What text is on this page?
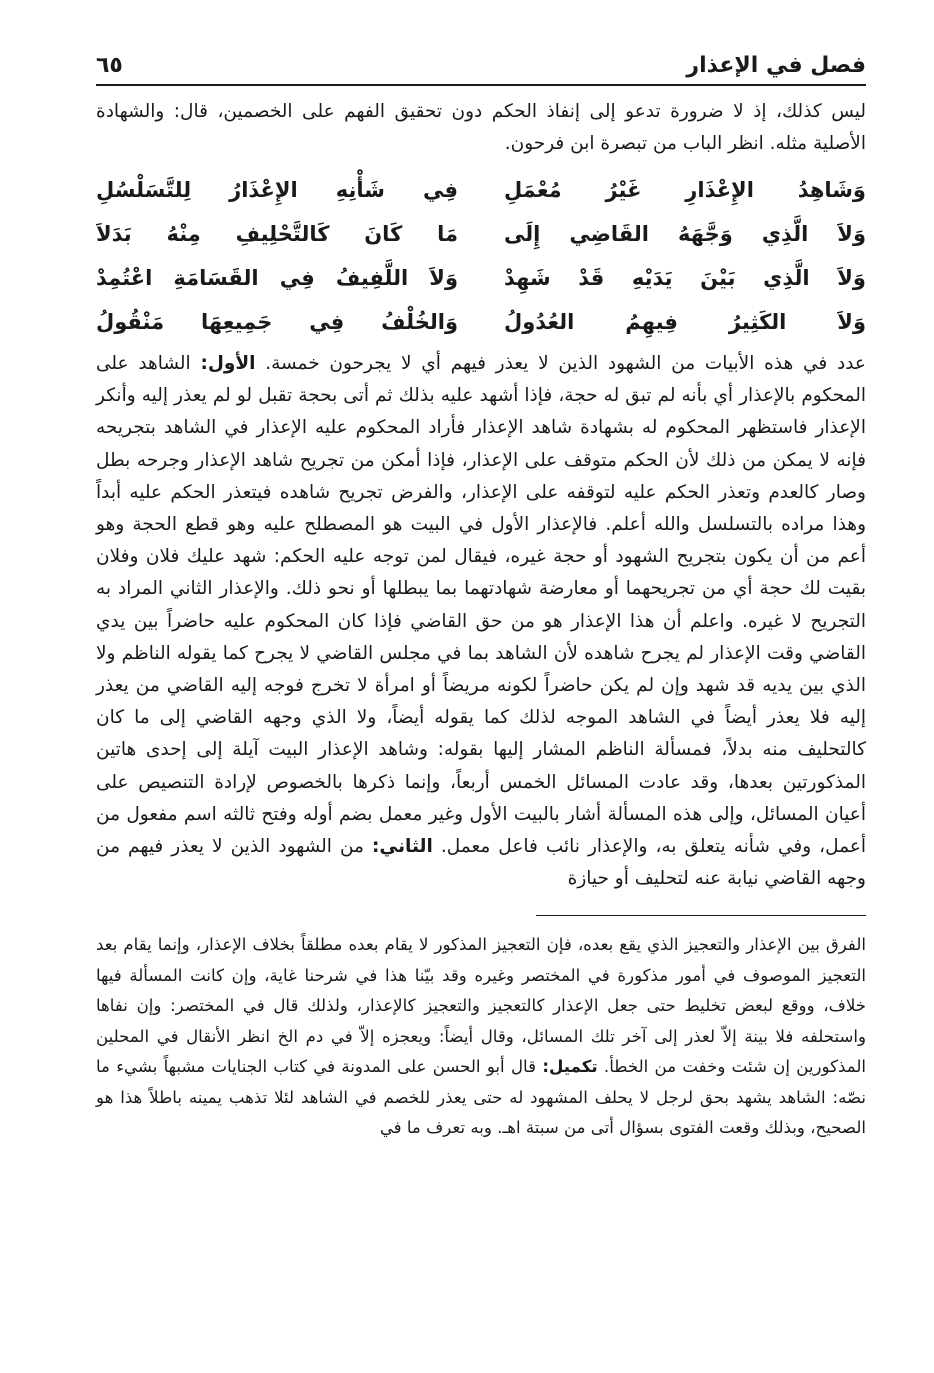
فصل في الإعذار
٦٥
ليس كذلك، إذ لا ضرورة تدعو إلى إنفاذ الحكم دون تحقيق الفهم على الخصمين، قال: والشهادة الأصلية مثله. انظر الباب من تبصرة ابن فرحون.
وَشَاهِدُ الإِعْذَارِ غَيْرُ مُعْمَلِ
فِي شَأْنِهِ الإِعْذَارُ لِلتَّسَلْسُلِ
وَلاَ الَّذِي وَجَّهَهُ القَاضِي إِلَى
مَا كَانَ كَالتَّحْلِيفِ مِنْهُ بَدَلاَ
وَلاَ الَّذِي بَيْنَ يَدَيْهِ قَدْ شَهِدْ
وَلاَ اللَّفِيفُ فِي القَسَامَةِ اعْتُمِدْ
وَلاَ الكَثِيرُ فِيهِمُ العُدُولُ
وَالخُلْفُ فِي جَمِيعِهَا مَنْقُولُ

عدد في هذه الأبيات من الشهود الذين لا يعذر فيهم أي لا يجرحون خمسة. الأول: الشاهد على المحكوم بالإعذار أي بأنه لم تبق له حجة، فإذا أشهد عليه بذلك ثم أتى بحجة تقبل لو لم يعذر إليه وأنكر الإعذار فاستظهر المحكوم له بشهادة شاهد الإعذار فأراد المحكوم عليه الإعذار في الشاهد بتجريحه فإنه لا يمكن من ذلك لأن الحكم متوقف على الإعذار، فإذا أمكن من تجريح شاهد الإعذار وجرحه بطل وصار كالعدم وتعذر الحكم عليه لتوقفه على الإعذار، والفرض تجريح شاهده فيتعذر الحكم عليه أبداً وهذا مراده بالتسلسل والله أعلم. فالإعذار الأول في البيت هو المصطلح عليه وهو قطع الحجة وهو أعم من أن يكون بتجريح الشهود أو حجة غيره، فيقال لمن توجه عليه الحكم: شهد عليك فلان وفلان بقيت لك حجة أي من تجريحهما أو معارضة شهادتهما بما يبطلها أو نحو ذلك. والإعذار الثاني المراد به التجريح لا غيره. واعلم أن هذا الإعذار هو من حق القاضي فإذا كان المحكوم عليه حاضراً بين يدي القاضي وقت الإعذار لم يجرح شاهده لأن الشاهد بما في مجلس القاضي لا يجرح كما يقوله الناظم ولا الذي بين يديه قد شهد وإن لم يكن حاضراً لكونه مريضاً أو امرأة لا تخرج فوجه إليه القاضي من يعذر إليه فلا يعذر أيضاً في الشاهد الموجه لذلك كما يقوله أيضاً، ولا الذي وجهه القاضي إلى ما كان كالتحليف منه بدلاً، فمسألة الناظم المشار إليها بقوله: وشاهد الإعذار البيت آيلة إلى إحدى هاتين المذكورتين بعدها، وقد عادت المسائل الخمس أربعاً، وإنما ذكرها بالخصوص لإرادة التنصيص على أعيان المسائل، وإلى هذه المسألة أشار بالبيت الأول وغير معمل بضم أوله وفتح ثالثه اسم مفعول من أعمل، وفي شأنه يتعلق به، والإعذار نائب فاعل معمل. الثاني: من الشهود الذين لا يعذر فيهم من وجهه القاضي نيابة عنه لتحليف أو حيازة

الفرق بين الإعذار والتعجيز الذي يقع بعده، فإن التعجيز المذكور لا يقام بعده مطلقاً بخلاف الإعذار، وإنما يقام بعد التعجيز الموصوف في أمور مذكورة في المختصر وغيره وقد بيّنا هذا في شرحنا غاية، وإن كانت المسألة فيها خلاف، ووقع لبعض تخليط حتى جعل الإعذار كالتعجيز والتعجيز كالإعذار، ولذلك قال في المختصر: وإن نفاها واستحلفه فلا بينة إلاّ لعذر إلى آخر تلك المسائل، وقال أيضاً: ويعجزه إلاّ في دم الخ انظر الأنقال في المحلين المذكورين إن شئت وخفت من الخطأ. تكميل: قال أبو الحسن على المدونة في كتاب الجنايات مشبهاً بشيء ما نصّه: الشاهد يشهد بحق لرجل لا يحلف المشهود له حتى يعذر للخصم في الشاهد لئلا تذهب يمينه باطلاً هذا هو الصحيح، وبذلك وقعت الفتوى بسؤال أتى من سبتة اهـ. وبه تعرف ما في
